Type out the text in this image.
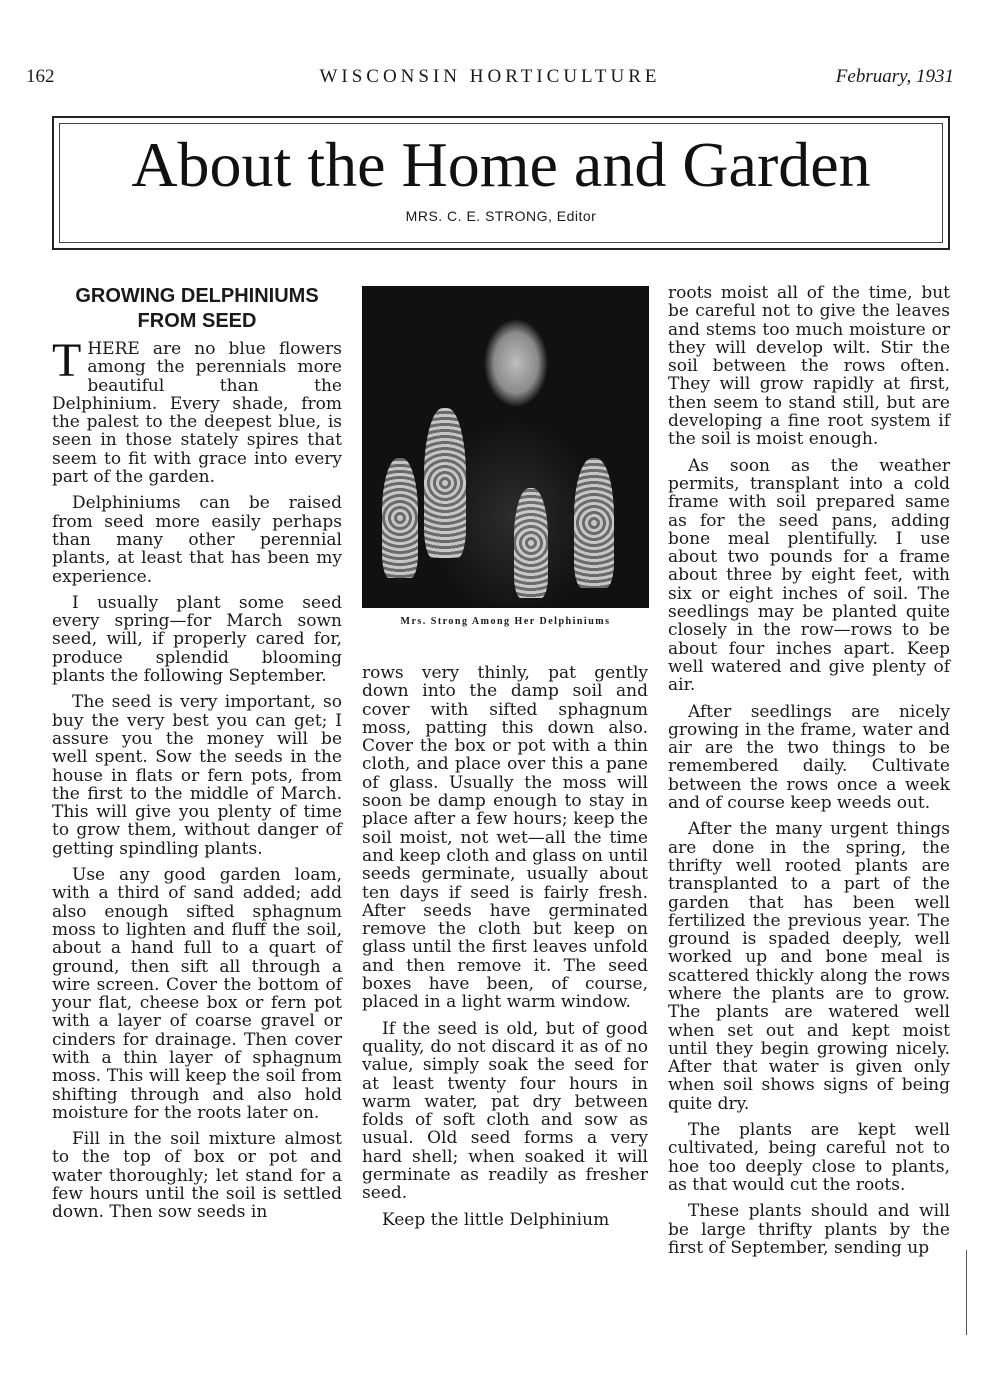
162	WISCONSIN HORTICULTURE	February, 1931
About the Home and Garden
MRS. C. E. STRONG, Editor
GROWING DELPHINIUMS FROM SEED

THERE are no blue flowers among the perennials more beautiful than the Delphinium. Every shade, from the palest to the deepest blue, is seen in those stately spires that seem to fit with grace into every part of the garden.

Delphiniums can be raised from seed more easily perhaps than many other perennial plants, at least that has been my experience.

I usually plant some seed every spring—for March sown seed, will, if properly cared for, produce splendid blooming plants the following September.

The seed is very important, so buy the very best you can get; I assure you the money will be well spent. Sow the seeds in the house in flats or fern pots, from the first to the middle of March. This will give you plenty of time to grow them, without danger of getting spindling plants.

Use any good garden loam, with a third of sand added; add also enough sifted sphagnum moss to lighten and fluff the soil, about a hand full to a quart of ground, then sift all through a wire screen. Cover the bottom of your flat, cheese box or fern pot with a layer of coarse gravel or cinders for drainage. Then cover with a thin layer of sphagnum moss. This will keep the soil from shifting through and also hold moisture for the roots later on.

Fill in the soil mixture almost to the top of box or pot and water thoroughly; let stand for a few hours until the soil is settled down. Then sow seeds in

Mrs. Strong Among Her Delphiniums

rows very thinly, pat gently down into the damp soil and cover with sifted sphagnum moss, patting this down also. Cover the box or pot with a thin cloth, and place over this a pane of glass. Usually the moss will soon be damp enough to stay in place after a few hours; keep the soil moist, not wet—all the time and keep cloth and glass on until seeds germinate, usually about ten days if seed is fairly fresh. After seeds have germinated remove the cloth but keep on glass until the first leaves unfold and then remove it. The seed boxes have been, of course, placed in a light warm window.

If the seed is old, but of good quality, do not discard it as of no value, simply soak the seed for at least twenty four hours in warm water, pat dry between folds of soft cloth and sow as usual. Old seed forms a very hard shell; when soaked it will germinate as readily as fresher seed.

Keep the little Delphinium

roots moist all of the time, but be careful not to give the leaves and stems too much moisture or they will develop wilt. Stir the soil between the rows often. They will grow rapidly at first, then seem to stand still, but are developing a fine root system if the soil is moist enough.

As soon as the weather permits, transplant into a cold frame with soil prepared same as for the seed pans, adding bone meal plentifully. I use about two pounds for a frame about three by eight feet, with six or eight inches of soil. The seedlings may be planted quite closely in the row—rows to be about four inches apart. Keep well watered and give plenty of air.

After seedlings are nicely growing in the frame, water and air are the two things to be remembered daily. Cultivate between the rows once a week and of course keep weeds out.

After the many urgent things are done in the spring, the thrifty well rooted plants are transplanted to a part of the garden that has been well fertilized the previous year. The ground is spaded deeply, well worked up and bone meal is scattered thickly along the rows where the plants are to grow. The plants are watered well when set out and kept moist until they begin growing nicely. After that water is given only when soil shows signs of being quite dry.

The plants are kept well cultivated, being careful not to hoe too deeply close to plants, as that would cut the roots.

These plants should and will be large thrifty plants by the first of September, sending up
